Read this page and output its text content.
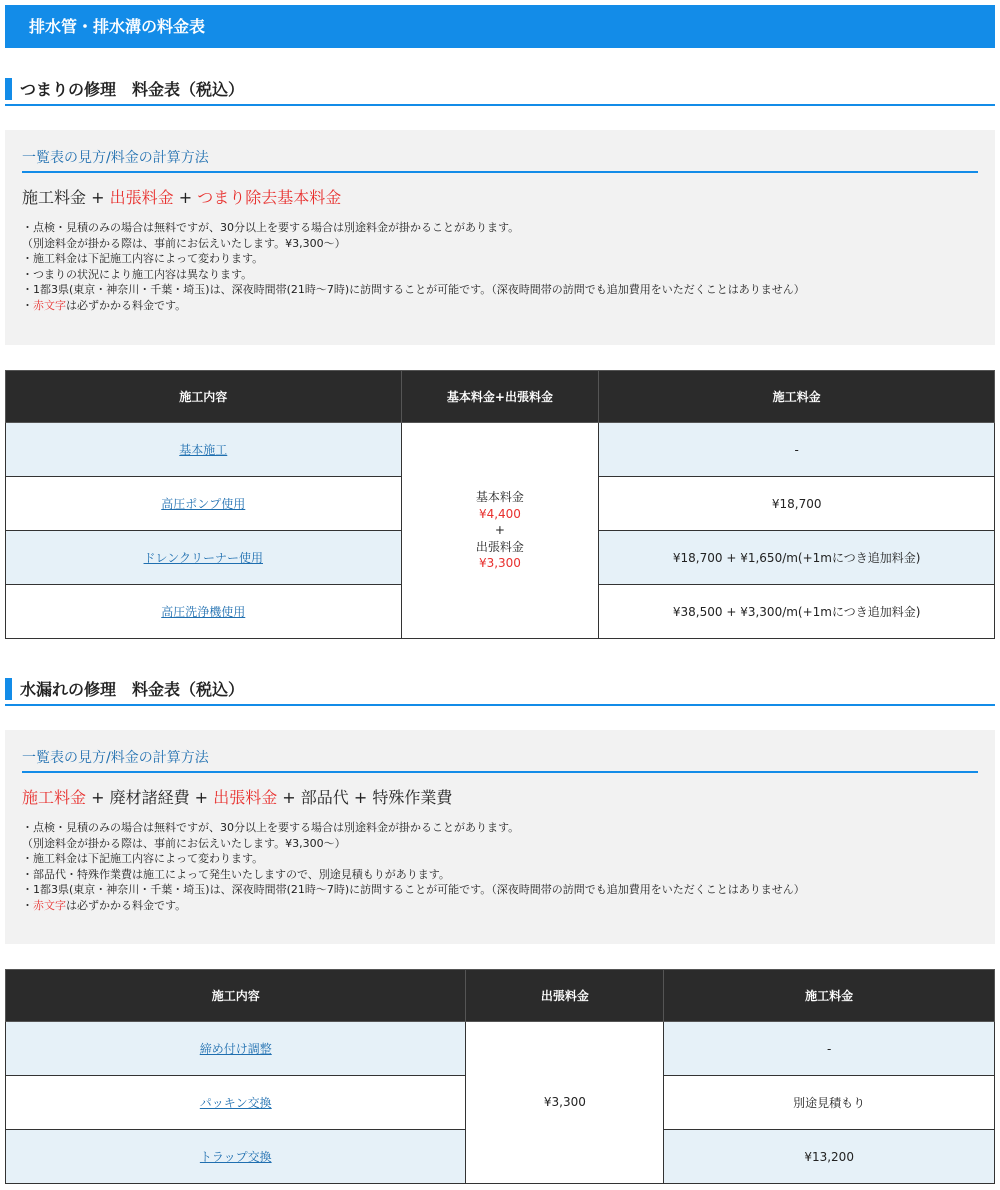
排水管・排水溝の料金表
つまりの修理　料金表（税込）
一覧表の見方/料金の計算方法
施工料金 + 出張料金 + つまり除去基本料金

・点検・見積のみの場合は無料ですが、30分以上を要する場合は別途料金が掛かることがあります。

（別途料金が掛かる際は、事前にお伝えいたします。¥3,300〜）

・施工料金は下記施工内容によって変わります。

・つまりの状況により施工内容は異なります。

・1都3県(東京・神奈川・千葉・埼玉)は、深夜時間帯(21時〜7時)に訪問することが可能です。（深夜時間帯の訪問でも追加費用をいただくことはありません）

・赤文字は必ずかかる料金です。

施工内容	基本料金+出張料金	施工料金
基本施工	基本料金
¥4,400
+
出張料金
¥3,300	-
高圧ポンプ使用		¥18,700
ドレンクリーナー使用		¥18,700 + ¥1,650/m(+1mにつき追加料金)
高圧洗浄機使用		¥38,500 + ¥3,300/m(+1mにつき追加料金)
水漏れの修理　料金表（税込）
一覧表の見方/料金の計算方法
施工料金 + 廃材諸経費 + 出張料金 + 部品代 + 特殊作業費

・点検・見積のみの場合は無料ですが、30分以上を要する場合は別途料金が掛かることがあります。

（別途料金が掛かる際は、事前にお伝えいたします。¥3,300〜）

・施工料金は下記施工内容によって変わります。

・部品代・特殊作業費は施工によって発生いたしますので、別途見積もりがあります。

・1都3県(東京・神奈川・千葉・埼玉)は、深夜時間帯(21時〜7時)に訪問することが可能です。（深夜時間帯の訪問でも追加費用をいただくことはありません）

・赤文字は必ずかかる料金です。

施工内容	出張料金	施工料金
締め付け調整	¥3,300	-
パッキン交換		別途見積もり
トラップ交換		¥13,200
